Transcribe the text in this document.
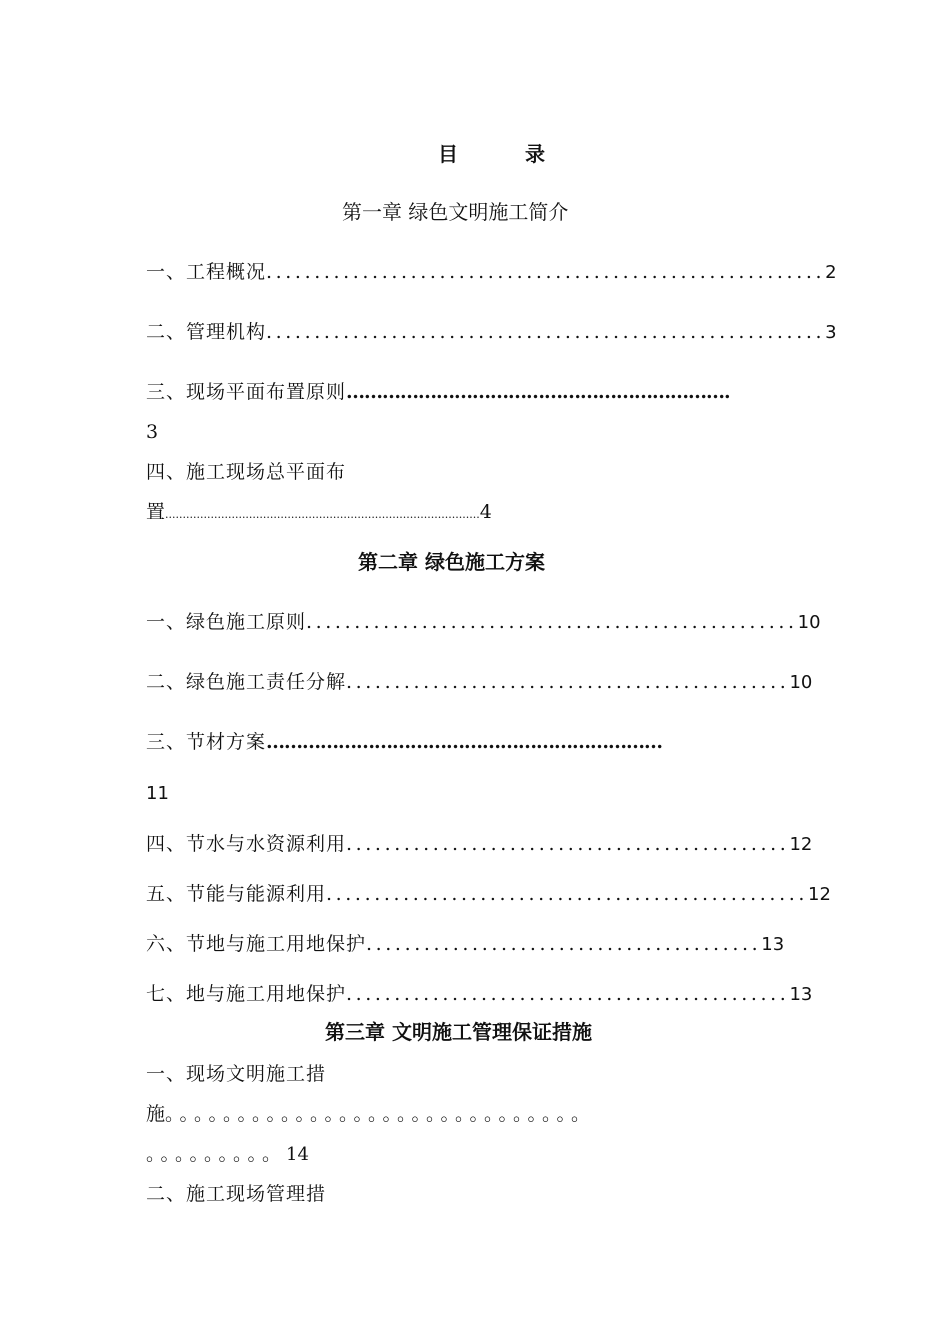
目 录
第一章 绿色文明施工简介
一、工程概况..........................................................2
二、管理机构..........................................................3
三、现场平面布置原则……………………………………………………….
3
四、施工现场总平面布
置..........................................................................................4
第二章 绿色施工方案
一、绿色施工原则...................................................10
二、绿色施工责任分解..............................................10
三、节材方案…………………………………………………………
11
四、节水与水资源利用..............................................12
五、节能与能源利用..................................................12
六、节地与施工用地保护.........................................13
七、地与施工用地保护..............................................13
第三章 文明施工管理保证措施
一、现场文明施工措
施。。。。。。。。。。。。。。。。。。。。。。。。。。。。。
。。。。。。。。。14
二、施工现场管理措
